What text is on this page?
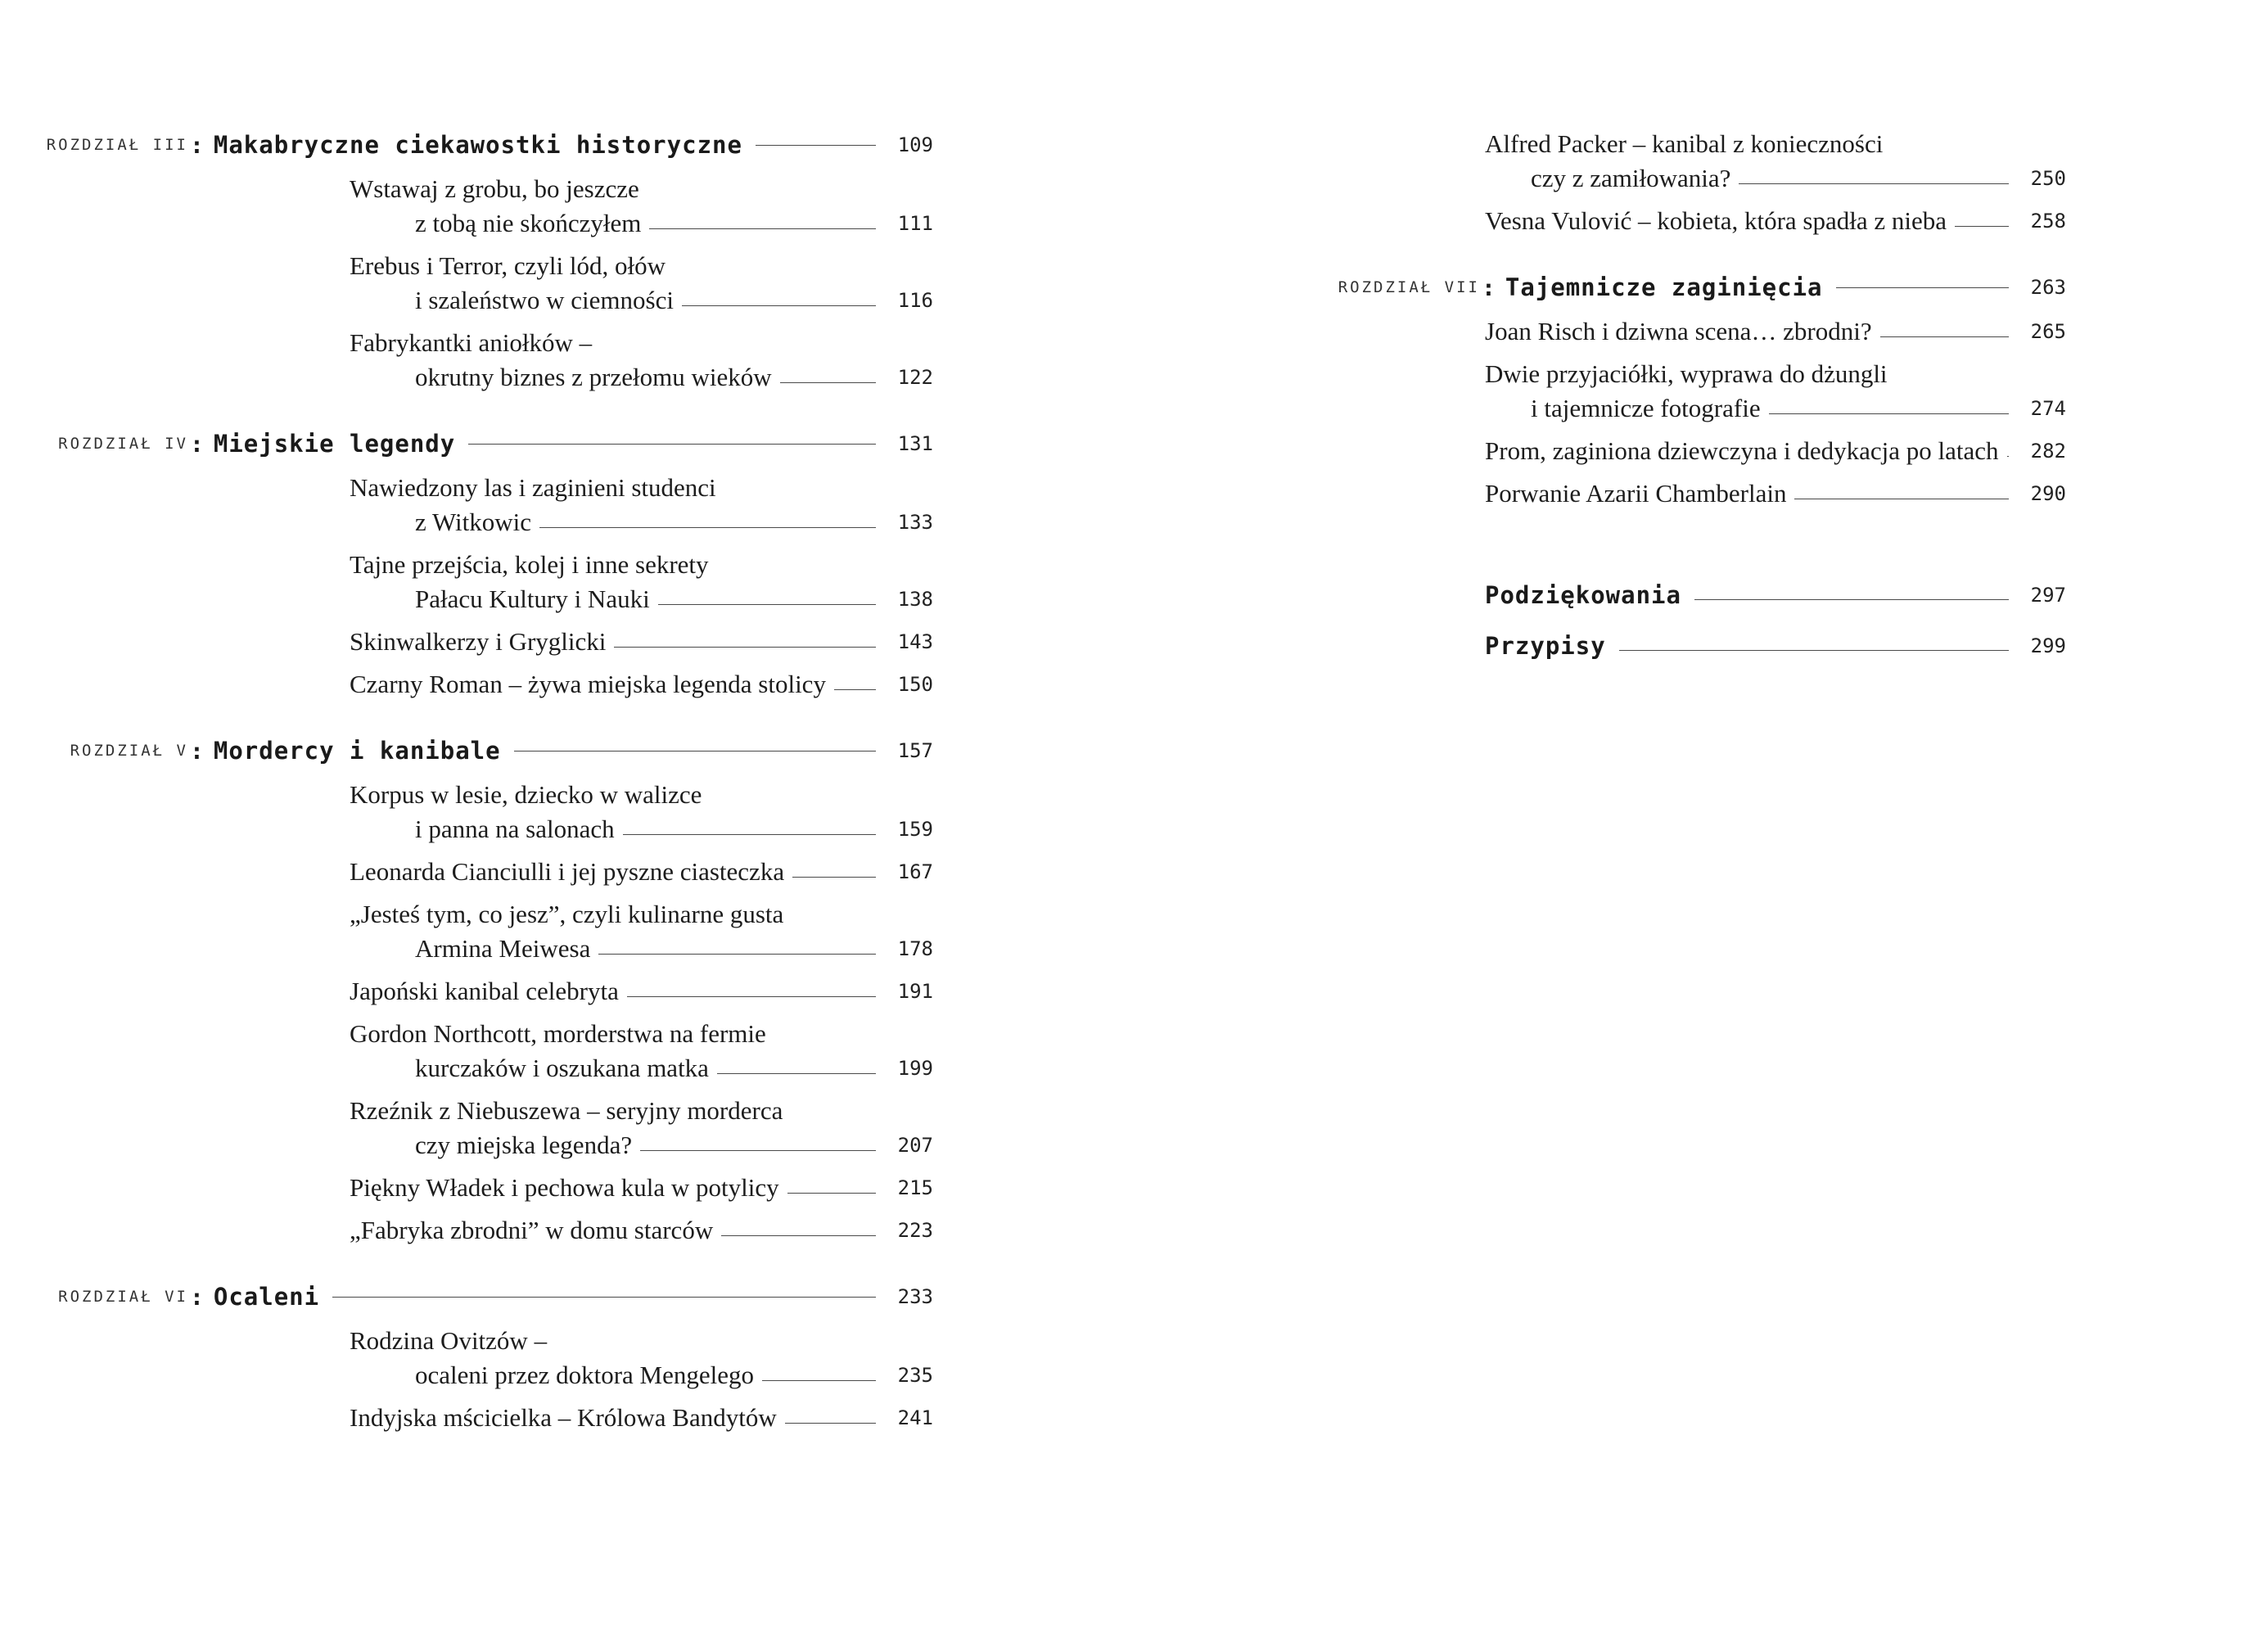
ROZDZIAŁ III : Makabryczne ciekawostki historyczne	109
Wstawaj z grobu, bo jeszcze
z tobą nie skończyłem	111
Erebus i Terror, czyli lód, ołów
i szaleństwo w ciemności	116
Fabrykantki aniołków –
okrutny biznes z przełomu wieków	122
ROZDZIAŁ IV : Miejskie legendy	131
Nawiedzony las i zaginieni studenci
z Witkowic	133
Tajne przejścia, kolej i inne sekrety
Pałacu Kultury i Nauki	138
Skinwalkerzy i Gryglicki	143
Czarny Roman – żywa miejska legenda stolicy	150
ROZDZIAŁ V : Mordercy i kanibale	157
Korpus w lesie, dziecko w walizce
i panna na salonach	159
Leonarda Cianciulli i jej pyszne ciasteczka	167
„Jesteś tym, co jesz”, czyli kulinarne gusta
Armina Meiwesa	178
Japoński kanibal celebryta	191
Gordon Northcott, morderstwa na fermie
kurczaków i oszukana matka	199
Rzeźnik z Niebuszewa – seryjny morderca
czy miejska legenda?	207
Piękny Władek i pechowa kula w potylicy	215
„Fabryka zbrodni” w domu starców	223
ROZDZIAŁ VI : Ocaleni	233
Rodzina Ovitzów –
ocaleni przez doktora Mengelego	235
Indyjska mścicielka – Królowa Bandytów	241
Alfred Packer – kanibal z konieczności
czy z zamiłowania?	250
Vesna Vulović – kobieta, która spadła z nieba	258
ROZDZIAŁ VII : Tajemnicze zaginięcia	263
Joan Risch i dziwna scena… zbrodni?	265
Dwie przyjaciółki, wyprawa do dżungli
i tajemnicze fotografie	274
Prom, zaginiona dziewczyna i dedykacja po latach 282
Porwanie Azarii Chamberlain	290
Podziękowania	297
Przypisy	299
